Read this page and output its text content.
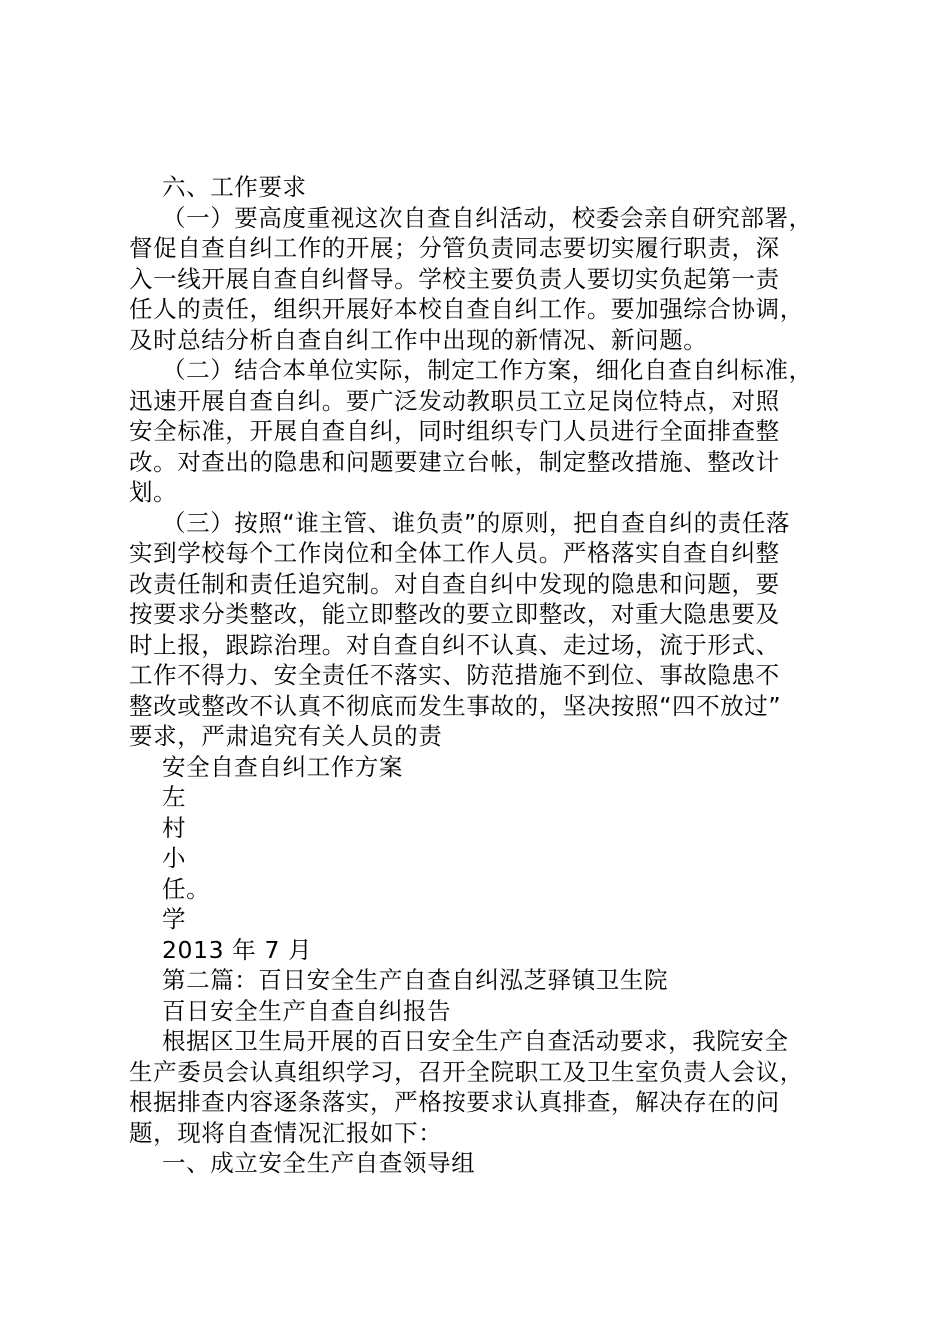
六、工作要求
（一）要高度重视这次自查自纠活动，校委会亲自研究部署，
督促自查自纠工作的开展；分管负责同志要切实履行职责，深
入一线开展自查自纠督导。学校主要负责人要切实负起第一责
任人的责任，组织开展好本校自查自纠工作。要加强综合协调，
及时总结分析自查自纠工作中出现的新情况、新问题。
（二）结合本单位实际，制定工作方案，细化自查自纠标准，
迅速开展自查自纠。要广泛发动教职员工立足岗位特点，对照
安全标准，开展自查自纠，同时组织专门人员进行全面排查整
改。对查出的隐患和问题要建立台帐，制定整改措施、整改计
划。
（三）按照“谁主管、谁负责”的原则，把自查自纠的责任落
实到学校每个工作岗位和全体工作人员。严格落实自查自纠整
改责任制和责任追究制。对自查自纠中发现的隐患和问题，要
按要求分类整改，能立即整改的要立即整改，对重大隐患要及
时上报，跟踪治理。对自查自纠不认真、走过场，流于形式、
工作不得力、安全责任不落实、防范措施不到位、事故隐患不
整改或整改不认真不彻底而发生事故的，坚决按照“四不放过”
要求，严肃追究有关人员的责
安全自查自纠工作方案
左
村
小
任。
学
2013 年 7 月
第二篇：百日安全生产自查自纠泓芝驿镇卫生院
百日安全生产自查自纠报告
根据区卫生局开展的百日安全生产自查活动要求，我院安全
生产委员会认真组织学习，召开全院职工及卫生室负责人会议，
根据排查内容逐条落实，严格按要求认真排查，解决存在的问
题，现将自查情况汇报如下：
一、成立安全生产自查领导组
